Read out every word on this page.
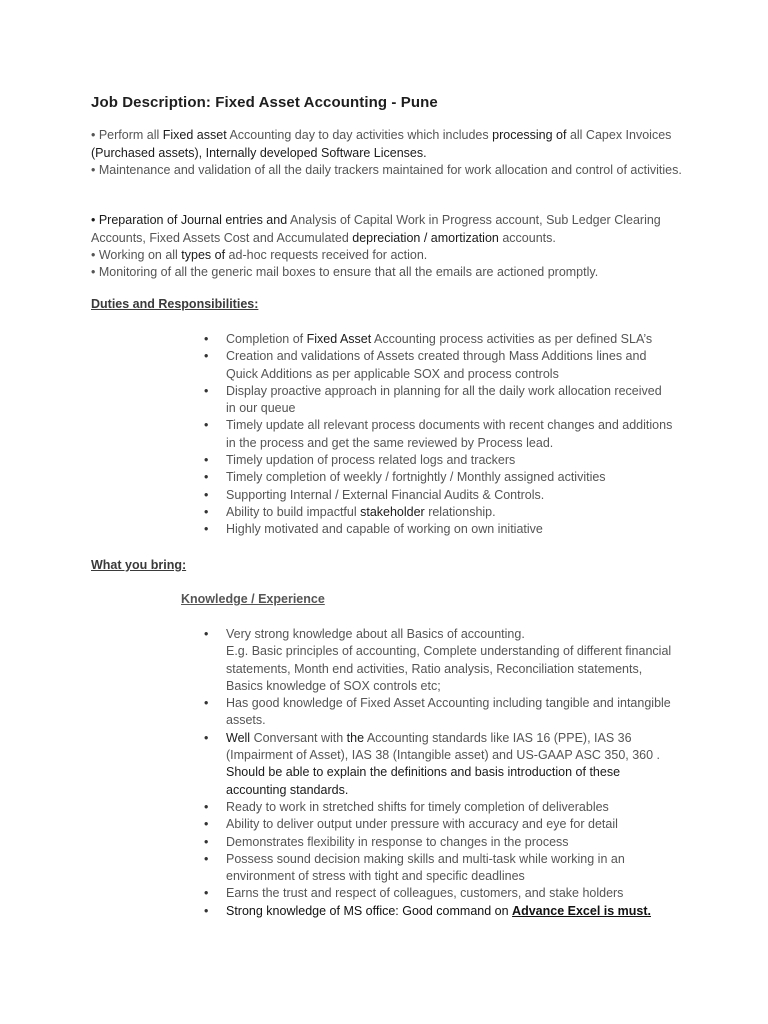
Job Description: Fixed Asset Accounting - Pune

• Perform all Fixed asset Accounting day to day activities which includes processing of all Capex Invoices
(Purchased assets), Internally developed Software Licenses.

• Maintenance and validation of all the daily trackers maintained for work allocation and control of activities.

• Preparation of Journal entries and Analysis of Capital Work in Progress account, Sub Ledger Clearing Accounts, Fixed Assets Cost and Accumulated depreciation / amortization accounts.

• Working on all types of ad-hoc requests received for action.

• Monitoring of all the generic mail boxes to ensure that all the emails are actioned promptly.

Duties and Responsibilities:
• Completion of Fixed Asset Accounting process activities as per defined SLA’s
• Creation and validations of Assets created through Mass Additions lines and Quick Additions as per applicable SOX and process controls
• Display proactive approach in planning for all the daily work allocation received in our queue
• Timely update all relevant process documents with recent changes and additions in the process and get the same reviewed by Process lead.
• Timely updation of process related logs and trackers
• Timely completion of weekly / fortnightly / Monthly assigned activities
• Supporting Internal / External Financial Audits & Controls.
• Ability to build impactful stakeholder relationship.
• Highly motivated and capable of working on own initiative
What you bring:
Knowledge / Experience
• Very strong knowledge about all Basics of accounting.
E.g. Basic principles of accounting, Complete understanding of different financial statements, Month end activities, Ratio analysis, Reconciliation statements, Basics knowledge of SOX controls etc;
• Has good knowledge of Fixed Asset Accounting including tangible and intangible assets.
• Well Conversant with the Accounting standards like IAS 16 (PPE), IAS 36 (Impairment of Asset), IAS 38 (Intangible asset) and US-GAAP ASC 350, 360 .
Should be able to explain the definitions and basis introduction of these accounting standards.
• Ready to work in stretched shifts for timely completion of deliverables
• Ability to deliver output under pressure with accuracy and eye for detail
• Demonstrates flexibility in response to changes in the process
• Possess sound decision making skills and multi-task while working in an environment of stress with tight and specific deadlines
• Earns the trust and respect of colleagues, customers, and stake holders
• Strong knowledge of MS office: Good command on Advance Excel is must.
